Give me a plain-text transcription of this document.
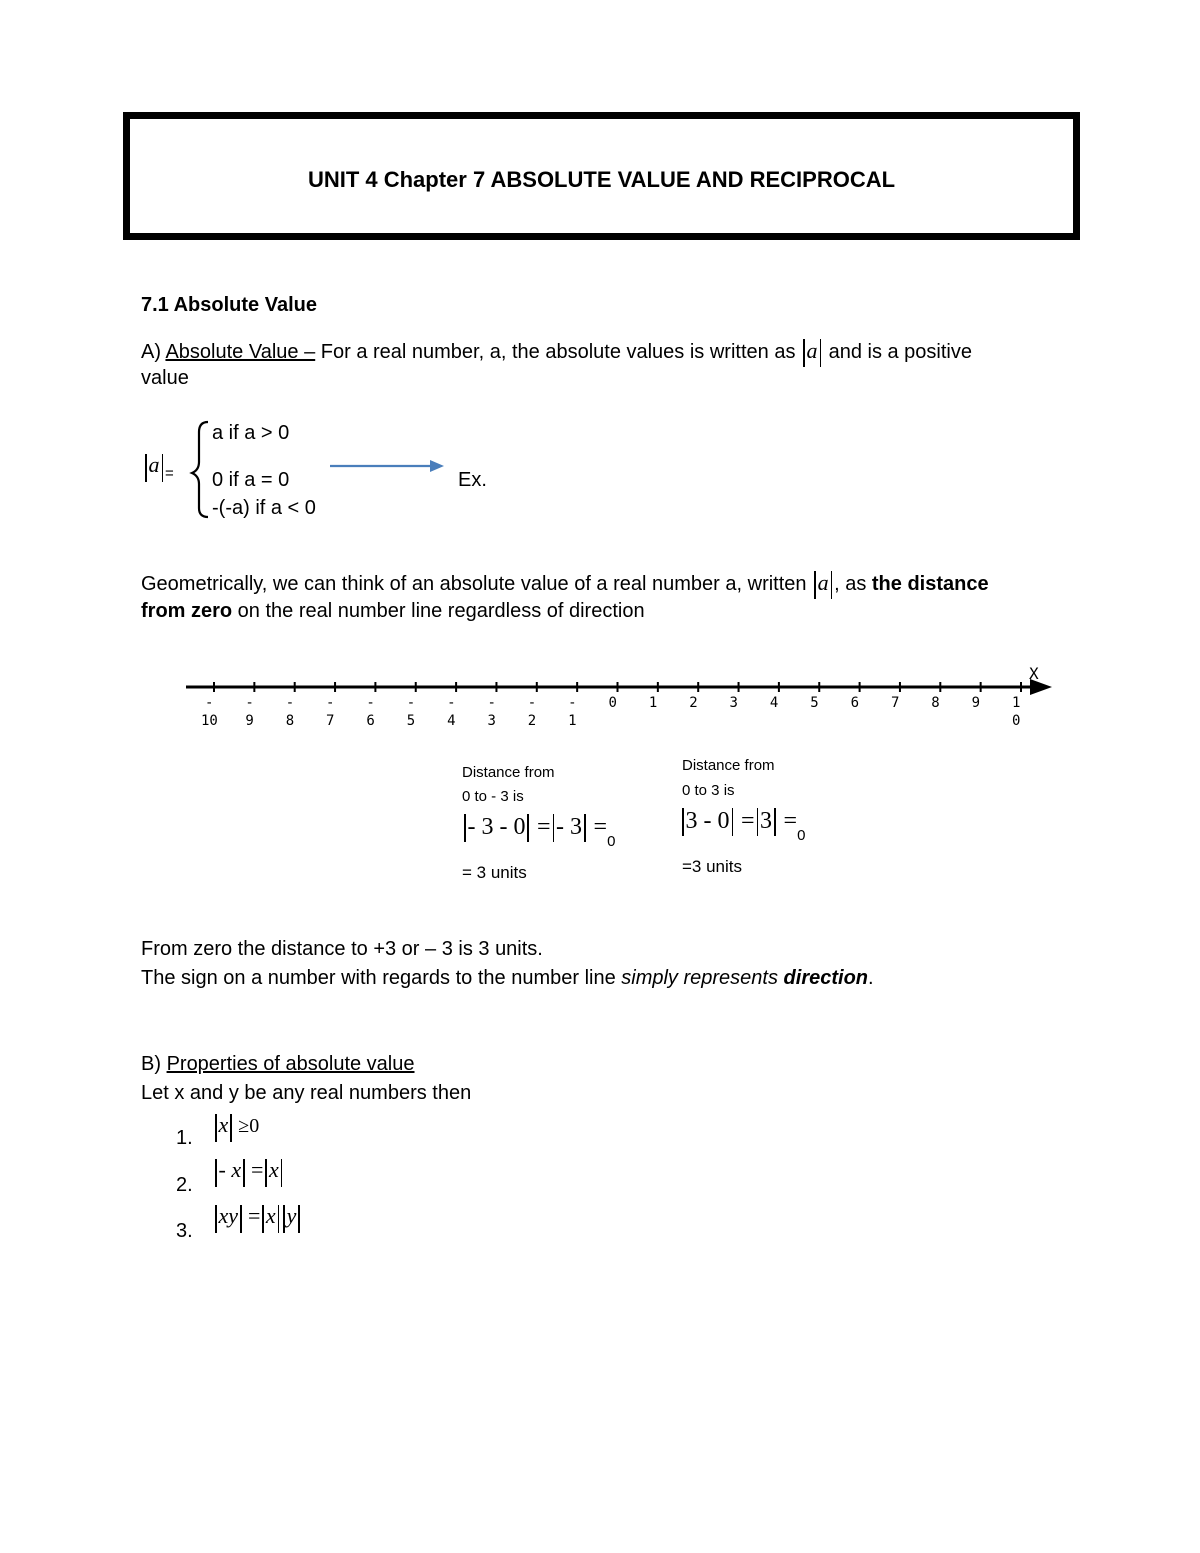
UNIT 4 Chapter 7 ABSOLUTE VALUE AND RECIPROCAL
7.1 Absolute Value
A) Absolute Value – For a real number, a, the absolute values is written as a and is a positive
value
a =
a if a > 0
0 if a = 0
-(-a) if a < 0
Ex.
Geometrically, we can think of an absolute value of a real number a, written a , as the distance
from zero on the real number line regardless of direction
X
-
10
-
9
-
8
-
7
-
6
-
5
-
4
-
3
-
2
-
1
0 1 2 3 4 5 6 7 8 9 1
0
Distance from
0 to - 3 is
- 3 - 0 = - $3 =_0$
= 3 units
Distance from
0 to 3 is
$3 - 0 = 3 =_0$
=3 units
From zero the distance to +3 or – 3 is 3 units.
The sign on a number with regards to the number line simply represents direction.
B) Properties of absolute value
Let x and y be any real numbers then
1.
x ≥0
2.
- x = x
3.
xy = x y
